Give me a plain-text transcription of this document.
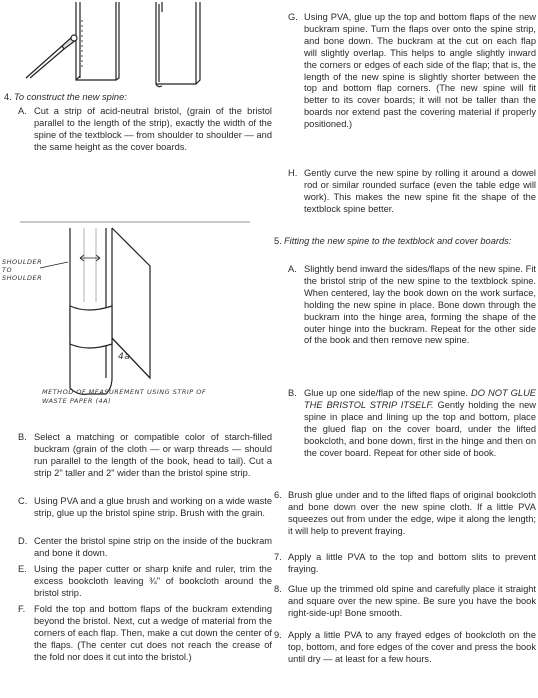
4. To construct the new spine:
A. Cut a strip of acid-neutral bristol, (grain of the bristol parallel to the length of the strip), exactly the width of the spine of the textblock — from shoulder to shoulder — and the same height as the cover boards.
SHOULDER TO SHOULDER
4a
METHOD OF MEASUREMENT USING STRIP OF WASTE PAPER (4A)
B. Select a matching or compatible color of starch-filled buckram (grain of the cloth — or warp threads — should run parallel to the length of the book, head to tail). Cut a strip 2" taller and 2" wider than the bristol spine strip.
C. Using PVA and a glue brush and working on a wide waste strip, glue up the bristol spine strip. Brush with the grain.
D. Center the bristol spine strip on the inside of the buckram and bone it down.
E. Using the paper cutter or sharp knife and ruler, trim the excess bookcloth leaving ¾" of bookcloth around the bristol strip.
F. Fold the top and bottom flaps of the buckram extending beyond the bristol. Next, cut a wedge of material from the corners of each flap. Then, make a cut down the center of the flaps. (The center cut does not reach the crease of the fold nor does it cut into the bristol.)
G. Using PVA, glue up the top and bottom flaps of the new buckram spine. Turn the flaps over onto the spine strip, and bone down. The buckram at the cut on each flap will slightly overlap. This helps to angle slightly inward the corners or edges of each side of the flap; that is, the length of the new spine is slightly shorter between the top and bottom flap corners. (The new spine will fit better to its cover boards; it will not be taller than the boards nor extend past the covering material if properly positioned.)
H. Gently curve the new spine by rolling it around a dowel rod or similar rounded surface (even the table edge will work). This makes the new spine fit the shape of the textblock spine better.
5. Fitting the new spine to the textblock and cover boards:
A. Slightly bend inward the sides/flaps of the new spine. Fit the bristol strip of the new spine to the textblock spine. When centered, lay the book down on the work surface, holding the new spine in place. Bone down through the buckram into the hinge area, forming the shape of the outer hinge into the buckram. Repeat for the other side of the book and then remove new spine.
B. Glue up one side/flap of the new spine. DO NOT GLUE THE BRISTOL STRIP ITSELF. Gently holding the new spine in place and lining up the top and bottom, place the glued flap on the cover board, under the lifted bookcloth, and bone down, first in the hinge and then on the cover board. Repeat for other side of book.
6. Brush glue under and to the lifted flaps of original bookcloth and bone down over the new spine cloth. If a little PVA squeezes out from under the edge, wipe it along the length; it will help to prevent fraying.
7. Apply a little PVA to the top and bottom slits to prevent fraying.
8. Glue up the trimmed old spine and carefully place it straight and square over the new spine. Be sure you have the book right-side-up! Bone smooth.
9. Apply a little PVA to any frayed edges of bookcloth on the top, bottom, and fore edges of the cover and press the book until dry — at least for a few hours.
